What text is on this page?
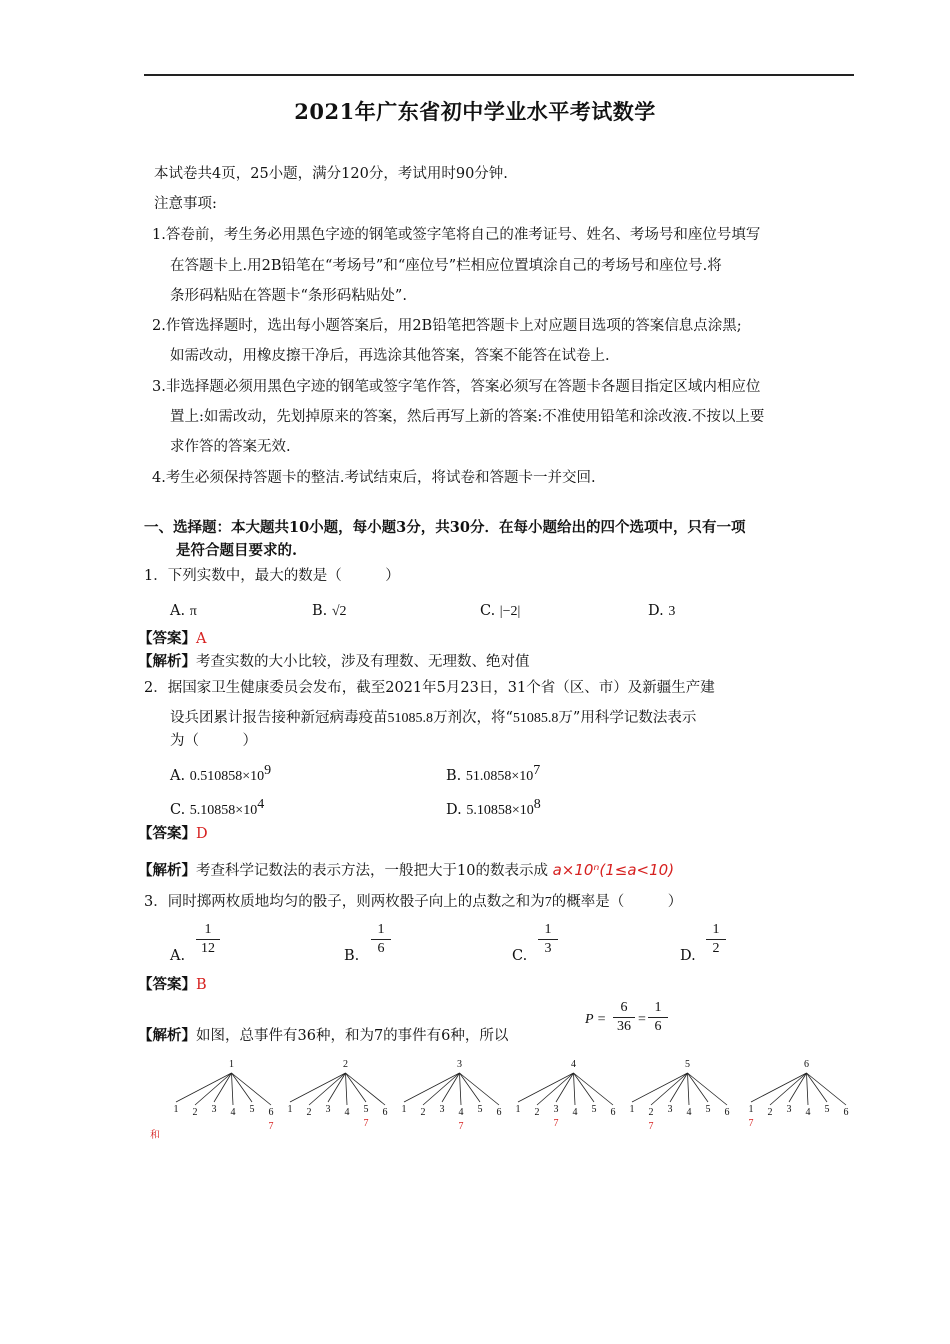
2021年广东省初中学业水平考试数学
本试卷共4页，25小题，满分120分，考试用时90分钟.
注意事项:
1.答卷前，考生务必用黑色字迹的钢笔或签字笔将自己的准考证号、姓名、考场号和座位号填写
在答题卡上.用2B铅笔在“考场号”和“座位号”栏相应位置填涂自己的考场号和座位号.将
条形码粘贴在答题卡“条形码粘贴处”.
2.作管选择题时，选出每小题答案后，用2B铅笔把答题卡上对应题目选项的答案信息点涂黑;
如需改动，用橡皮擦干净后，再选涂其他答案，答案不能答在试卷上.
3.非选择题必须用黑色字迹的钢笔或签字笔作答，答案必须写在答题卡各题目指定区域内相应位
置上:如需改动，先划掉原来的答案，然后再写上新的答案:不准使用铅笔和涂改液.不按以上要
求作答的答案无效.
4.考生必须保持答题卡的整洁.考试结束后，将试卷和答题卡一并交回.
一、选择题：本大题共10小题，每小题3分，共30分．在每小题给出的四个选项中，只有一项
是符合题目要求的.
1．下列实数中，最大的数是（　　　）
A. π	B. √2	C. |−2|	D. 3
【答案】A
【解析】考查实数的大小比较，涉及有理数、无理数、绝对值
2．据国家卫生健康委员会发布，截至2021年5月23日，31个省（区、市）及新疆生产建
设兵团累计报告接种新冠病毒疫苗51085.8万剂次，将“51085.8万”用科学记数法表示
为（　　　）
A. $0.510858\times 10^9$	B. $51.0858\times 10^7$
C. $5.10858\times 10^4$	D. $5.10858\times 10^8$
【答案】D
【解析】考查科学记数法的表示方法，一般把大于10的数表示成 a×10ⁿ(1≤a<10)
3．同时掷两枚质地均匀的骰子，则两枚骰子向上的点数之和为7的概率是（　　　）
A.
1
12	B.
1
6	C.
1
3	D.
1
2
【答案】B
【解析】如图，总事件有36种，和为7的事件有6种，所以
P =
6
36 =
1
6
1
1 2 3 4 5 6
7
2
1 2 3 4 5
7
6
3
1 2 3 4
7
5 6
4
1 2 3
7
4 5 6
5
1 2
7
3 4 5 6
6
1
7
2 3 4 5 6
和
